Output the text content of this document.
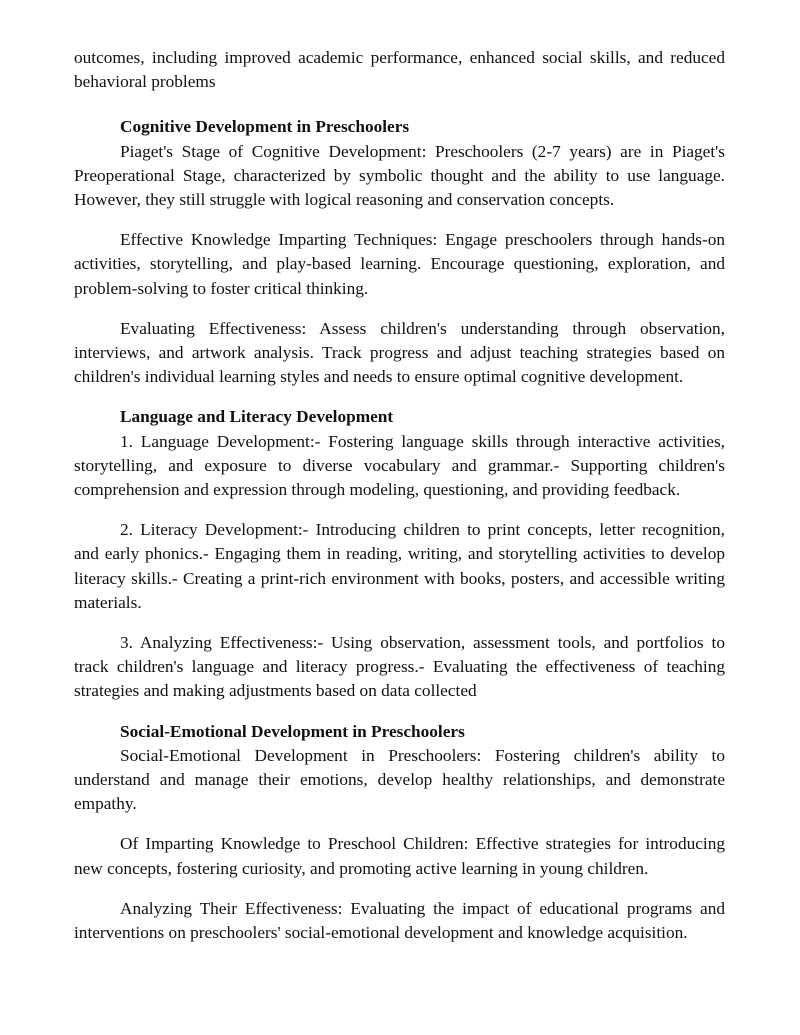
outcomes, including improved academic performance, enhanced social skills, and reduced behavioral problems

Cognitive Development in Preschoolers

Piaget's Stage of Cognitive Development: Preschoolers (2-7 years) are in Piaget's Preoperational Stage, characterized by symbolic thought and the ability to use language. However, they still struggle with logical reasoning and conservation concepts.

Effective Knowledge Imparting Techniques: Engage preschoolers through hands-on activities, storytelling, and play-based learning. Encourage questioning, exploration, and problem-solving to foster critical thinking.

Evaluating Effectiveness: Assess children's understanding through observation, interviews, and artwork analysis. Track progress and adjust teaching strategies based on children's individual learning styles and needs to ensure optimal cognitive development.

Language and Literacy Development

1. Language Development:- Fostering language skills through interactive activities, storytelling, and exposure to diverse vocabulary and grammar.- Supporting children's comprehension and expression through modeling, questioning, and providing feedback.

2. Literacy Development:- Introducing children to print concepts, letter recognition, and early phonics.- Engaging them in reading, writing, and storytelling activities to develop literacy skills.- Creating a print-rich environment with books, posters, and accessible writing materials.

3. Analyzing Effectiveness:- Using observation, assessment tools, and portfolios to track children's language and literacy progress.- Evaluating the effectiveness of teaching strategies and making adjustments based on data collected

Social-Emotional Development in Preschoolers

Social-Emotional Development in Preschoolers: Fostering children's ability to understand and manage their emotions, develop healthy relationships, and demonstrate empathy.

Of Imparting Knowledge to Preschool Children: Effective strategies for introducing new concepts, fostering curiosity, and promoting active learning in young children.

Analyzing Their Effectiveness: Evaluating the impact of educational programs and interventions on preschoolers' social-emotional development and knowledge acquisition.
